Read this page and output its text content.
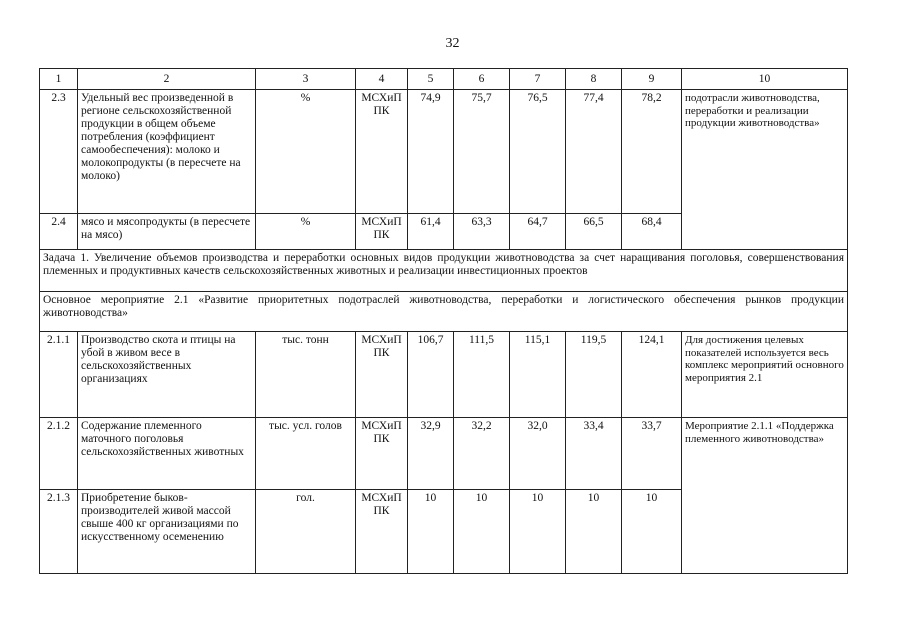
32
1	2	3	4	5	6	7	8	9	10
2.3	Удельный вес произведенной в регионе сельскохозяйственной продукции в общем объеме потребления (коэффициент самообеспечения): молоко и молокопродукты (в пересчете на молоко)	%	МСХиП ПК	74,9	75,7	76,5	77,4	78,2	подотрасли животноводства, переработки и реализации продукции животноводства»
2.4	мясо и мясопродукты (в пересчете на мясо)	%	МСХиП ПК	61,4	63,3	64,7	66,5	68,4	
Задача 1. Увеличение объемов производства и переработки основных видов продукции животноводства за счет наращивания поголовья, совершенствования племенных и продуктивных качеств сельскохозяйственных животных и реализации инвестиционных проектов									
Основное мероприятие 2.1 «Развитие приоритетных подотраслей животноводства, переработки и логистического обеспечения рынков продукции животноводства»									
2.1.1	Производство скота и птицы на убой в живом весе в сельскохозяйственных организациях	тыс. тонн	МСХиП ПК	106,7	111,5	115,1	119,5	124,1	Для достижения целевых показателей используется весь комплекс мероприятий основного мероприятия 2.1
2.1.2	Содержание племенного маточного поголовья сельскохозяйственных животных	тыс. усл. голов	МСХиП ПК	32,9	32,2	32,0	33,4	33,7	Мероприятие 2.1.1 «Поддержка племенного животноводства»
2.1.3	Приобретение быков-производителей живой массой свыше 400 кг организациями по искусственному осеменению	гол.	МСХиП ПК	10	10	10	10	10	
